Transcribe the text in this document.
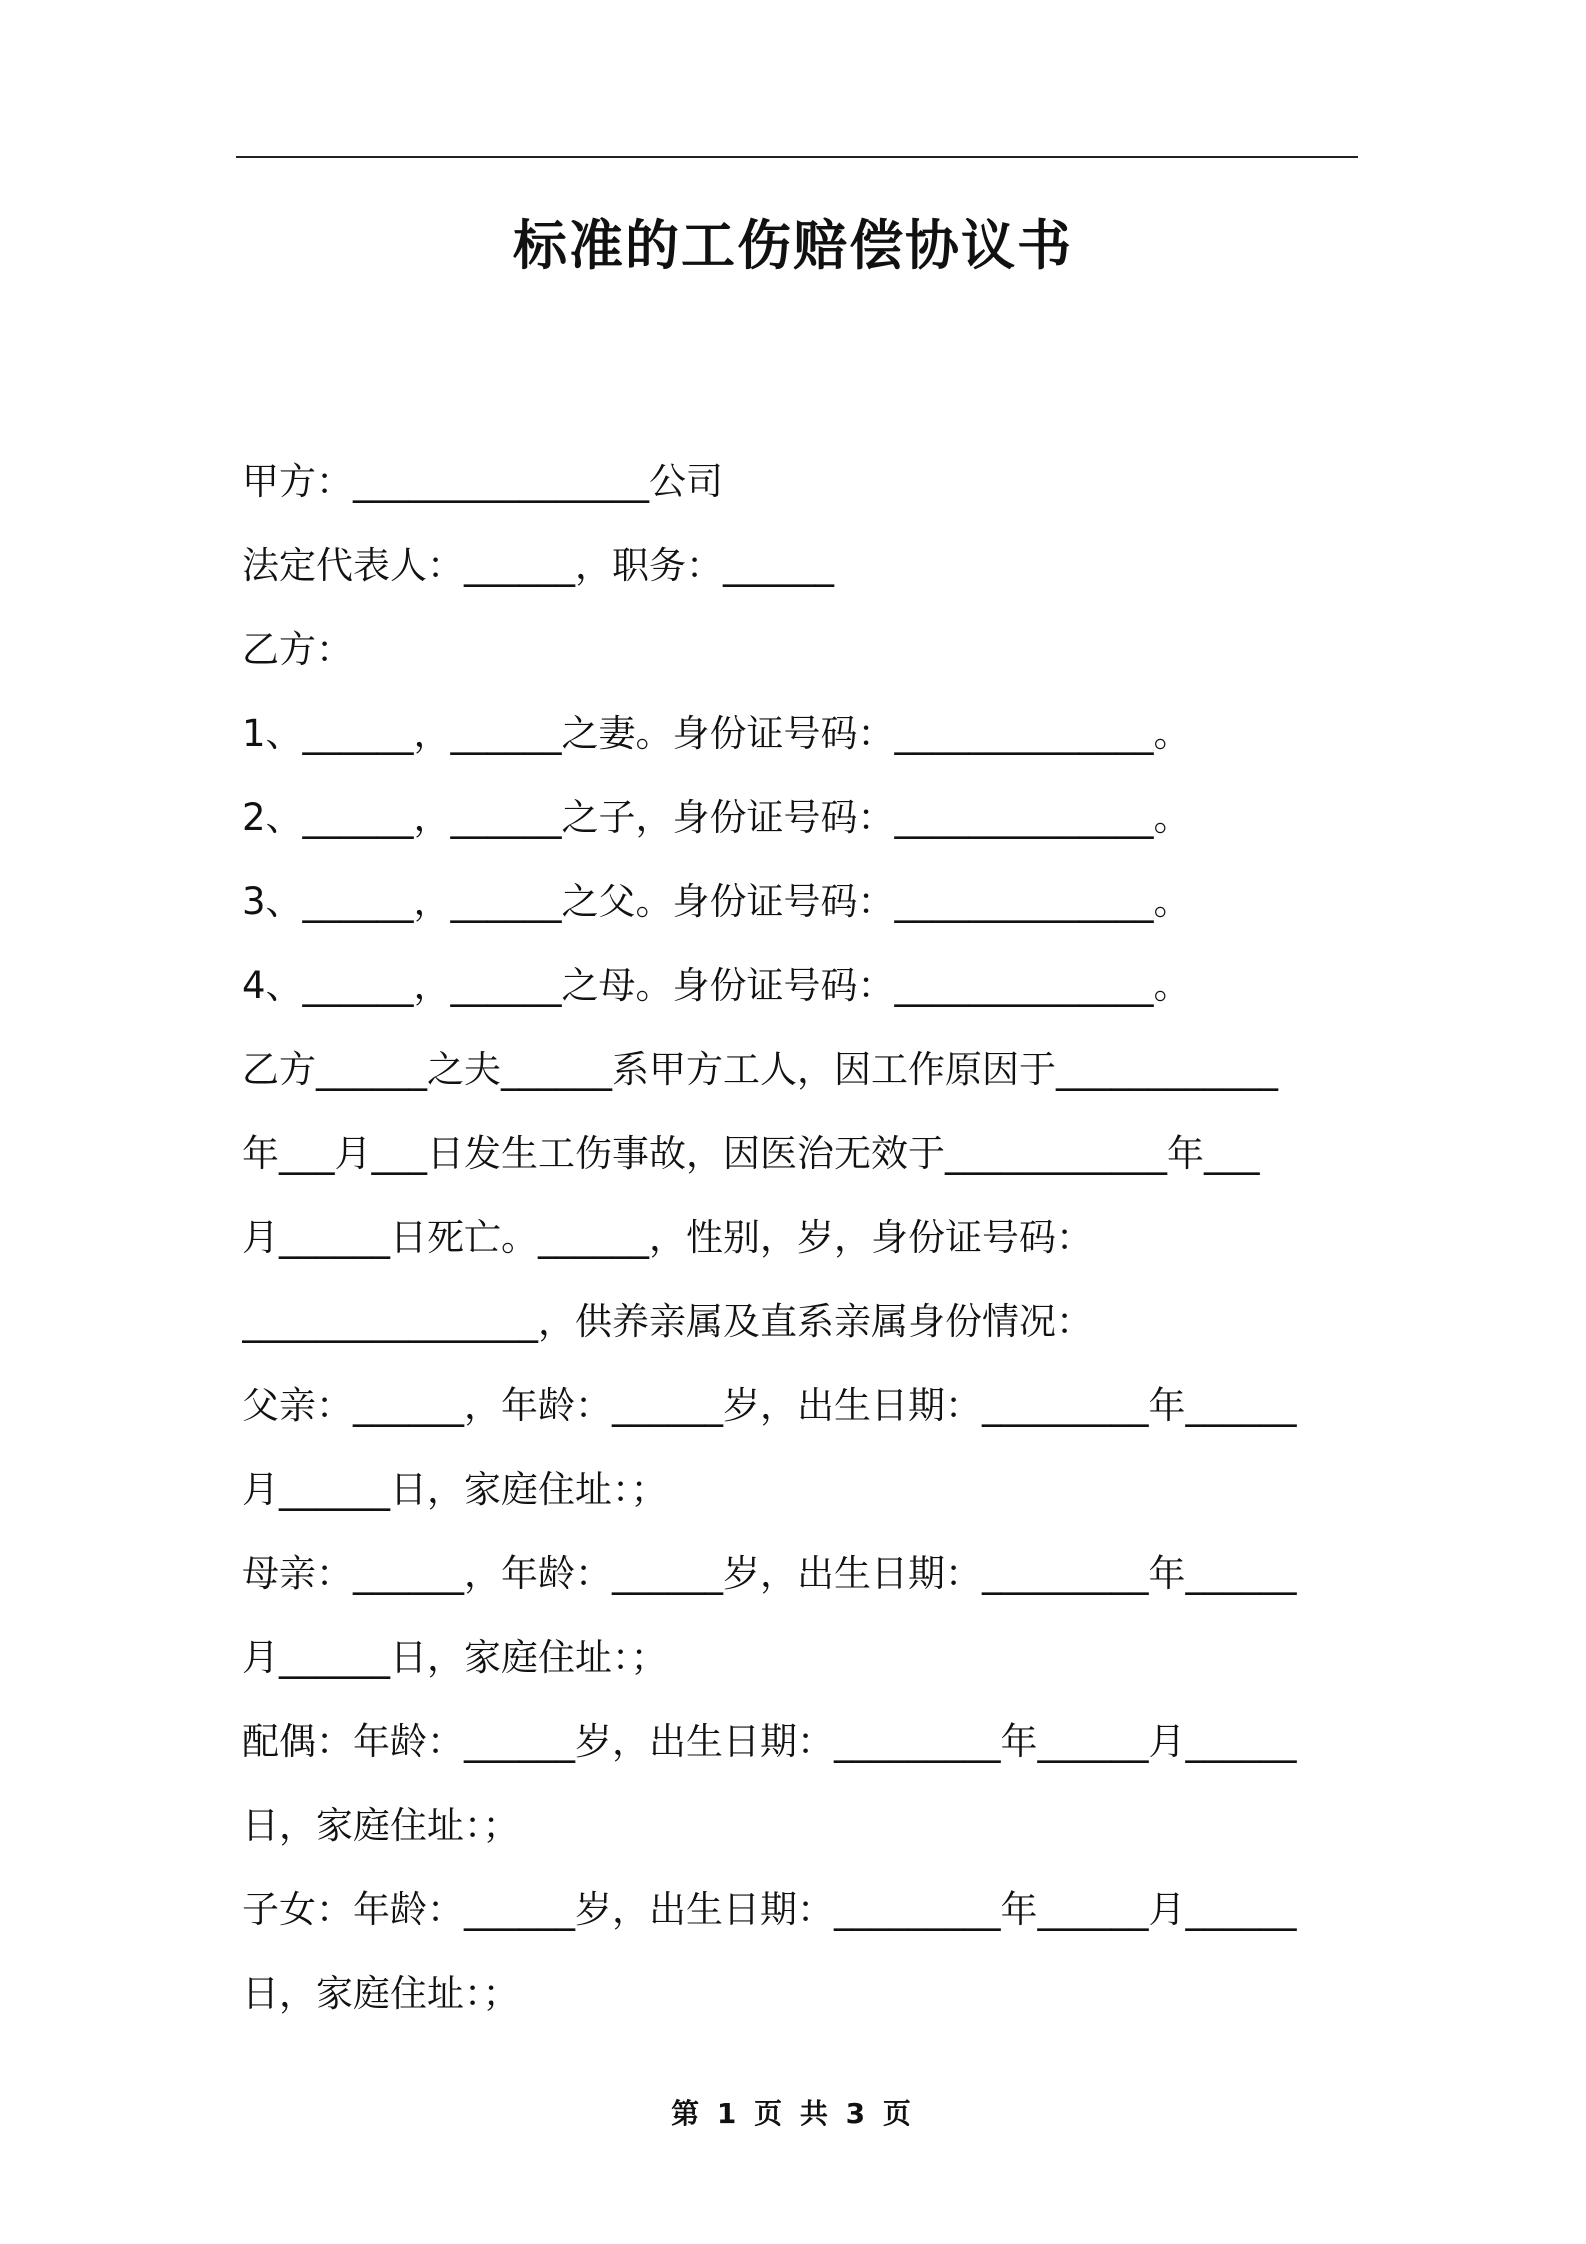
标准的工伤赔偿协议书
甲方：________________公司
法定代表人：______，职务：______
乙方：
1、______，______之妻。身份证号码：______________。
2、______，______之子，身份证号码：______________。
3、______，______之父。身份证号码：______________。
4、______，______之母。身份证号码：______________。
乙方______之夫______系甲方工人，因工作原因于____________
年___月___日发生工伤事故，因医治无效于____________年___
月______日死亡。______，性别，岁，身份证号码：
________________，供养亲属及直系亲属身份情况：
父亲：______，年龄：______岁，出生日期：_________年______
月______日，家庭住址：；
母亲：______，年龄：______岁，出生日期：_________年______
月______日，家庭住址：；
配偶：年龄：______岁，出生日期：_________年______月______
日，家庭住址：；
子女：年龄：______岁，出生日期：_________年______月______
日，家庭住址：；
第 1 页 共 3 页
